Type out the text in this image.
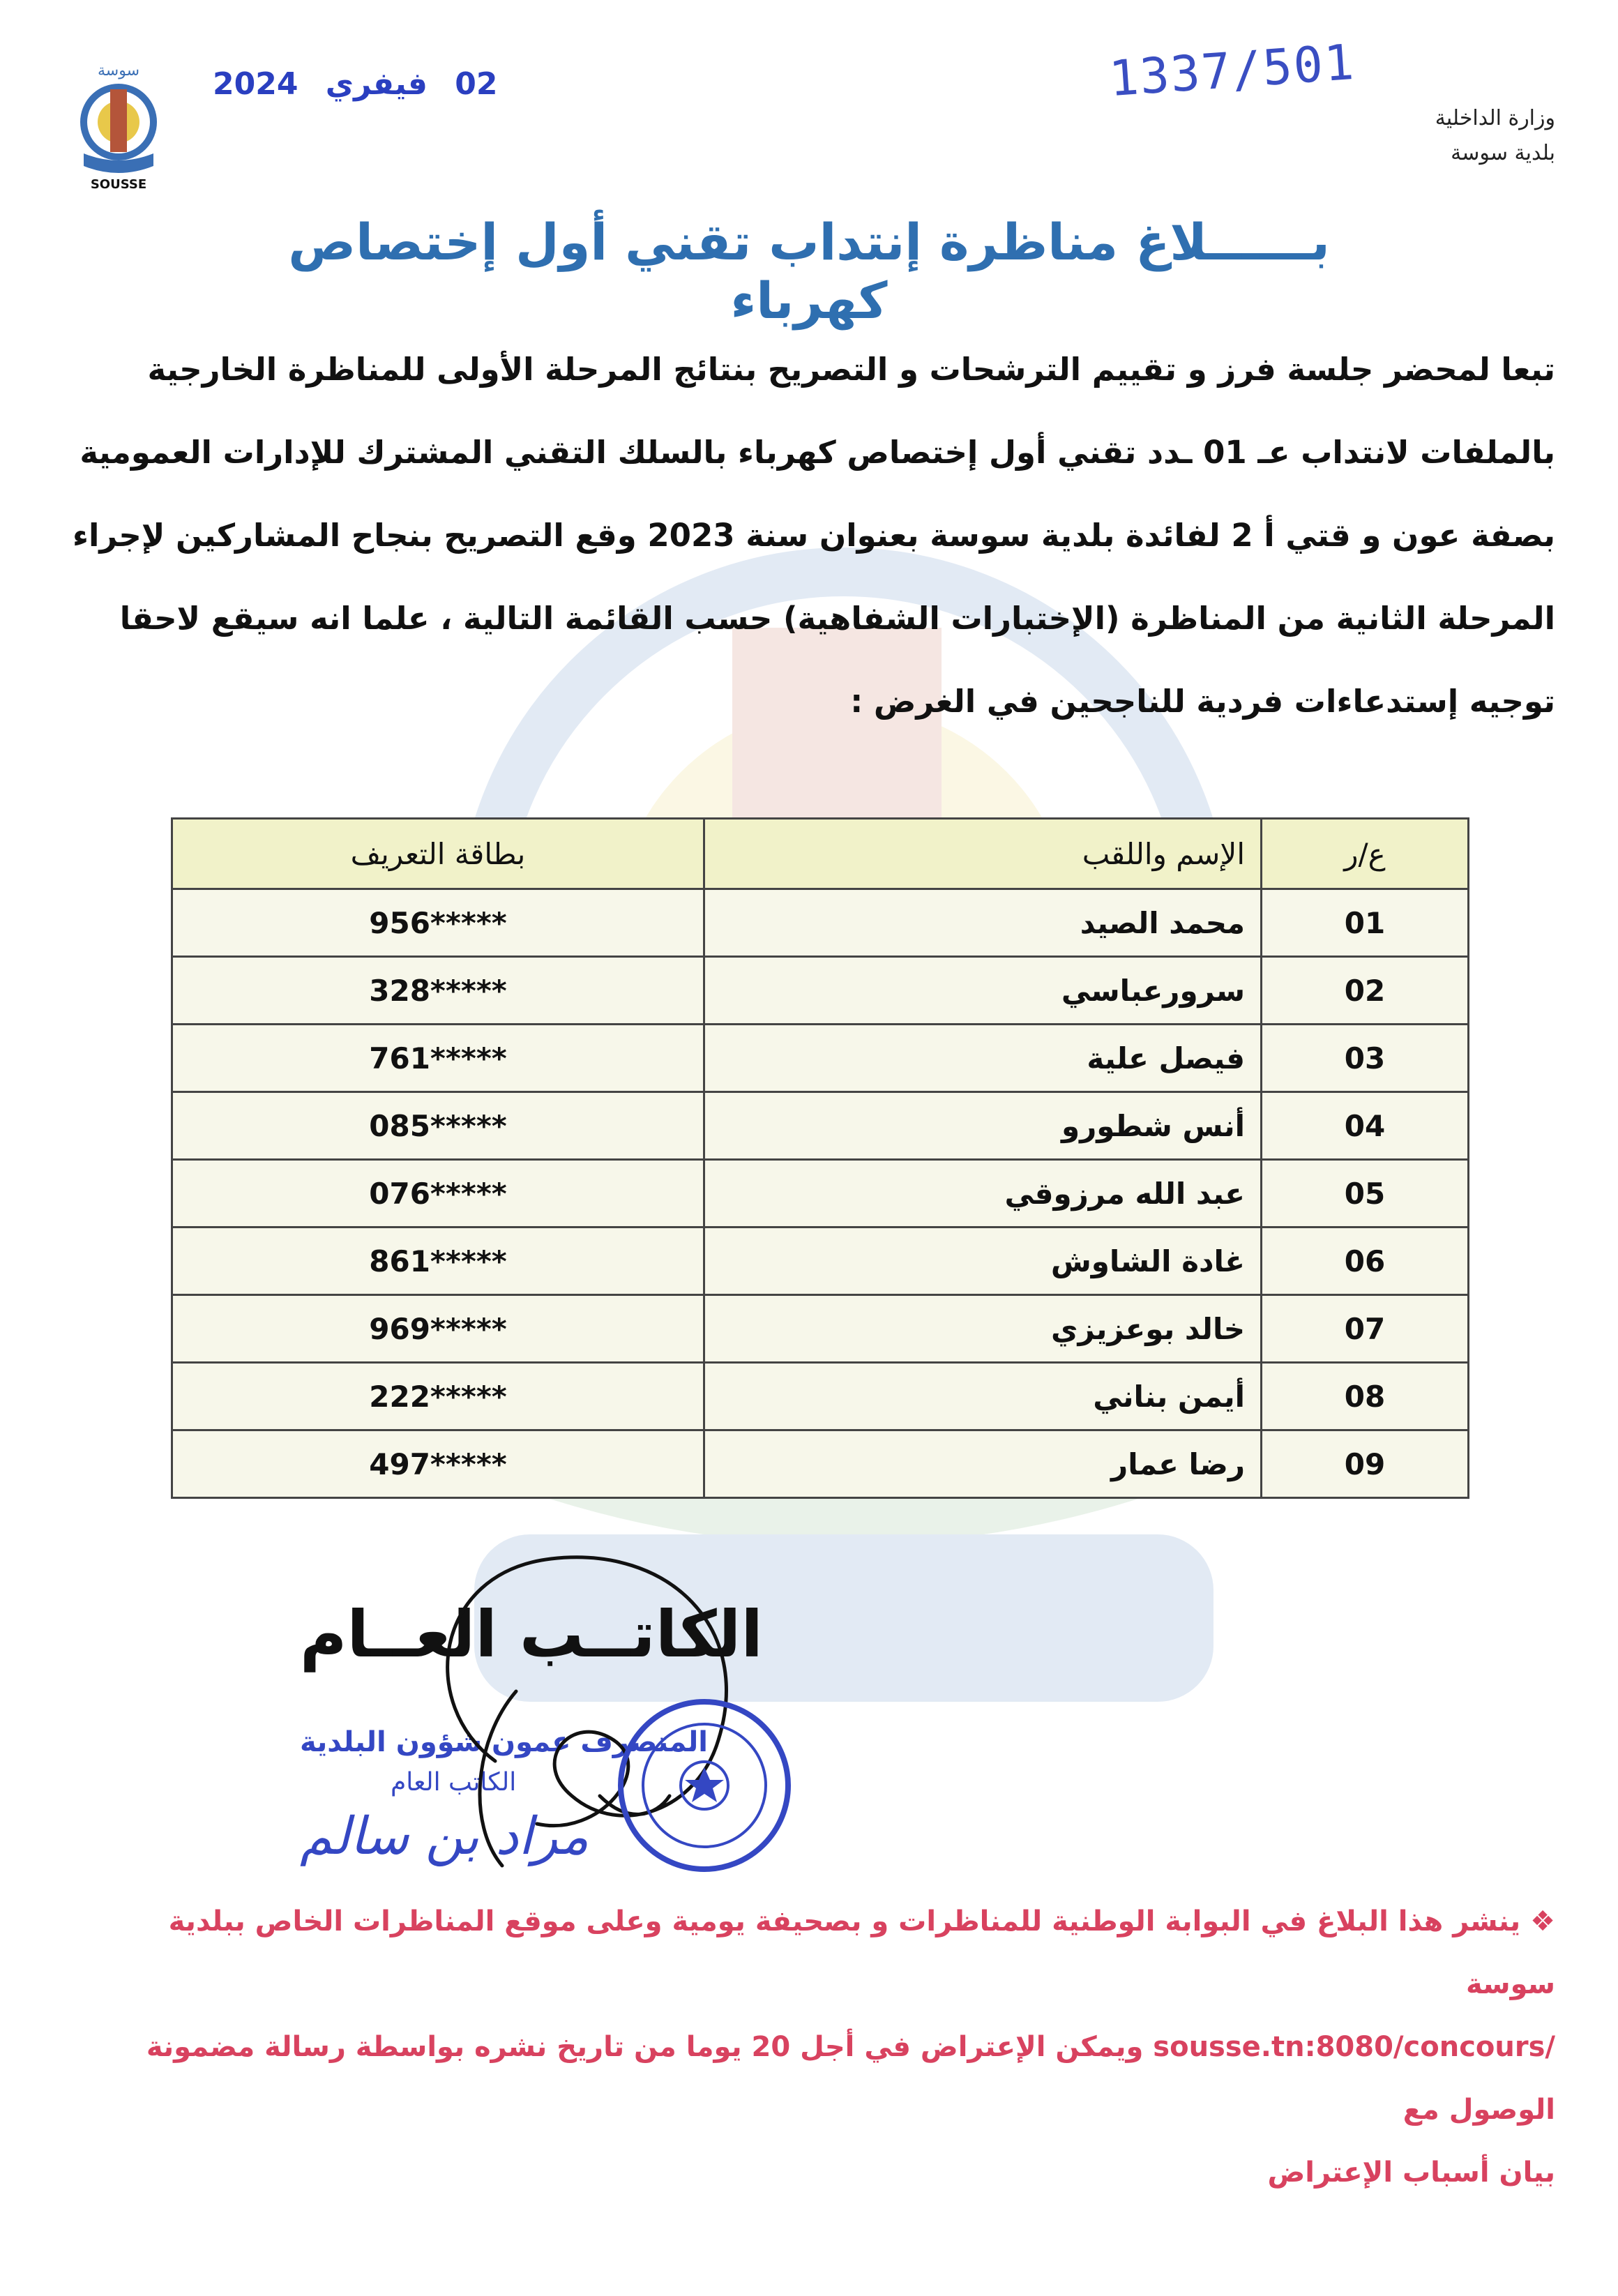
سوسة
SOUSSE
2024 فيفري 02	1337/501
وزارة الداخلية
بلدية سوسة
بــــــلاغ مناظرة إنتداب تقني أول إختصاص كهرباء

تبعا لمحضر جلسة فرز و تقييم الترشحات و التصريح بنتائج المرحلة الأولى للمناظرة الخارجية

بالملفات لانتداب عـ 01 ـدد تقني أول إختصاص كهرباء بالسلك التقني المشترك للإدارات العمومية

بصفة عون و قتي أ 2 لفائدة بلدية سوسة بعنوان سنة 2023 وقع التصريح بنجاح المشاركين لإجراء

المرحلة الثانية من المناظرة (الإختبارات الشفاهية) حسب القائمة التالية ، علما انه سيقع لاحقا

توجيه إستدعاءات فردية للناجحين في الغرض :

ع/ر	الإسم واللقب	بطاقة التعريف
01	محمد الصيد	956*****
02	سرورعباسي	328*****
03	فيصل علية	761*****
04	أنس شطورو	085*****
05	عبد الله مرزوقي	076*****
06	غادة الشاوش	861*****
07	خالد بوعزيزي	969*****
08	أيمن بناني	222*****
09	رضا عمار	497*****
الكاتــب العــام
المتصرف عمون شؤون البلدية
الكاتب العام
مراد بن سالم

❖ينشر هذا البلاغ في البوابة الوطنية للمناظرات و بصحيفة يومية وعلى موقع المناظرات الخاص ببلدية سوسة

sousse.tn:8080/concours/ ويمكن الإعتراض في أجل 20 يوما من تاريخ نشره بواسطة رسالة مضمونة الوصول مع

بيان أسباب الإعتراض
